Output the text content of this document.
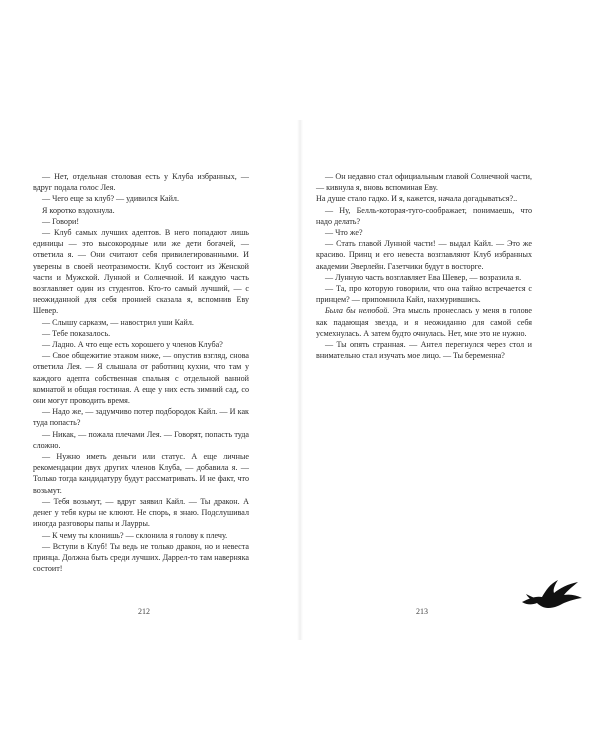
— Нет, отдельная столовая есть у Клуба избранных, — вдруг подала голос Лея.

— Чего еще за клуб? — удивился Кайл.

Я коротко вздохнула.

— Говори!

— Клуб самых лучших адептов. В него попадают лишь единицы — это высокородные или же дети богачей, — ответила я. — Они считают себя привилегированными. И уверены в своей неотразимости. Клуб состоит из Женской части и Мужской. Лунной и Солнечной. И каждую часть возглавляет один из студентов. Кто-то самый лучший, — с неожиданной для себя пронией сказала я, вспомнив Еву Шевер.

— Слышу сарказм, — навострил уши Кайл.

— Тебе показалось.

— Ладно. А что еще есть хорошего у членов Клуба?

— Свое общежитие этажом ниже, — опустив взгляд, снова ответила Лея. — Я слышала от работниц кухни, что там у каждого адепта собственная спальня с отдельной ванной комнатой и общая гостиная. А еще у них есть зимний сад, со они могут проводить время.

— Надо же, — задумчиво потер подбородок Кайл. — И как туда попасть?

— Никак, — пожала плечами Лея. — Говорят, попасть туда сложно.

— Нужно иметь деньги или статус. А еще личные рекомендации двух других членов Клуба, — добавила я. — Только тогда кандидатуру будут рассматривать. И не факт, что возьмут.

— Тебя возьмут, — вдруг заявил Кайл. — Ты дракон. А денег у тебя куры не клюют. Не спорь, я знаю. Подслушивал иногда разговоры папы и Лаурры.

— К чему ты клонишь? — склонила я голову к плечу.

— Вступи в Клуб! Ты ведь не только дракон, но и невеста принца. Должна быть среди лучших. Даррел-то там наверняка состоит!

212

— Он недавно стал официальным главой Солнечной части, — кивнула я, вновь вспоминая Еву.

На душе стало гадко. И я, кажется, начала догадываться?..

— Ну, Белль-которая-туго-соображает, понимаешь, что надо делать?

— Что же?

— Стать главой Лунной части! — выдал Кайл. — Это же красиво. Принц и его невеста возглавляют Клуб избранных академии Эверлейн. Газетчики будут в восторге.

— Лунную часть возглавляет Ева Шевер, — возразила я.

— Та, про которую говорили, что она тайно встречается с принцем? — припомнила Кайл, нахмурившись.

Была бы нелюбой. Эта мысль пронеслась у меня в голове как падающая звезда, и я неожиданно для самой себя усмехнулась. А затем будто очнулась. Нет, мне это не нужно.

— Ты опять странная. — Антел перегнулся через стол и внимательно стал изучать мое лицо. — Ты беременна?

213
